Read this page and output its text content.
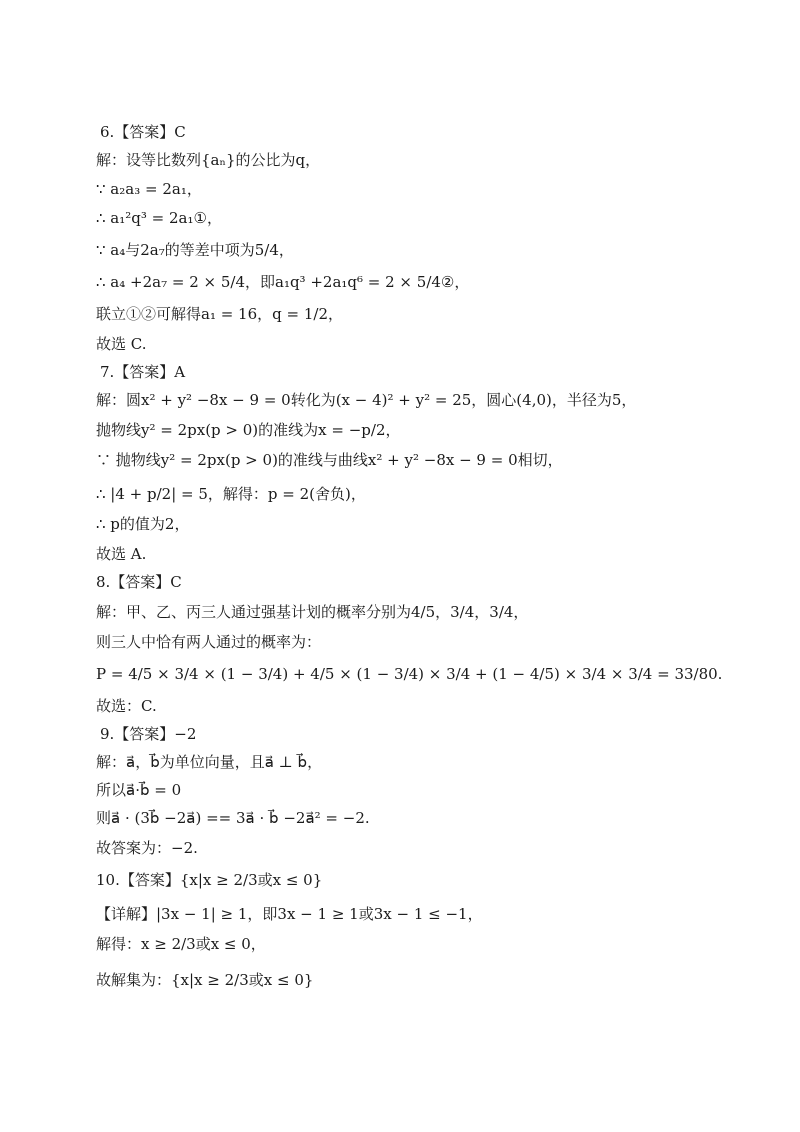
6.【答案】C
解：设等比数列{aₙ}的公比为q，
∵ a₂a₃ = 2a₁，
∴ a₁²q³ = 2a₁①，
∵ a₄与2a₇的等差中项为5/4，
∴ a₄ +2a₇ = 2 × 5/4，即a₁q³ +2a₁q⁶ = 2 × 5/4②，
联立①②可解得a₁ = 16，q = 1/2，
故选 C.
7.【答案】A
解：圆x² + y² −8x − 9 = 0转化为(x − 4)² + y² = 25，圆心(4,0)，半径为5，
抛物线y² = 2px(p > 0)的准线为x = −p/2，
∵ 抛物线y² = 2px(p > 0)的准线与曲线x² + y² −8x − 9 = 0相切，
∴ |4 + p/2| = 5，解得：p = 2(舍负)，
∴ p的值为2，
故选 A.
8.【答案】C
解：甲、乙、丙三人通过强基计划的概率分别为4/5，3/4，3/4，
则三人中恰有两人通过的概率为：
P = 4/5 × 3/4 × (1 − 3/4) + 4/5 × (1 − 3/4) × 3/4 + (1 − 4/5) × 3/4 × 3/4 = 33/80.
故选：C.
9.【答案】−2
解：a⃗，b⃗为单位向量，且a⃗ ⊥ b⃗，
所以a⃗·b⃗ = 0
则a⃗ · (3b⃗ −2a⃗) == 3a⃗ · b⃗ −2a⃗² = −2.
故答案为：−2.
10.【答案】{x|x ≥ 2/3或x ≤ 0}
【详解】|3x − 1| ≥ 1，即3x − 1 ≥ 1或3x − 1 ≤ −1，
解得：x ≥ 2/3或x ≤ 0，
故解集为：{x|x ≥ 2/3或x ≤ 0}
